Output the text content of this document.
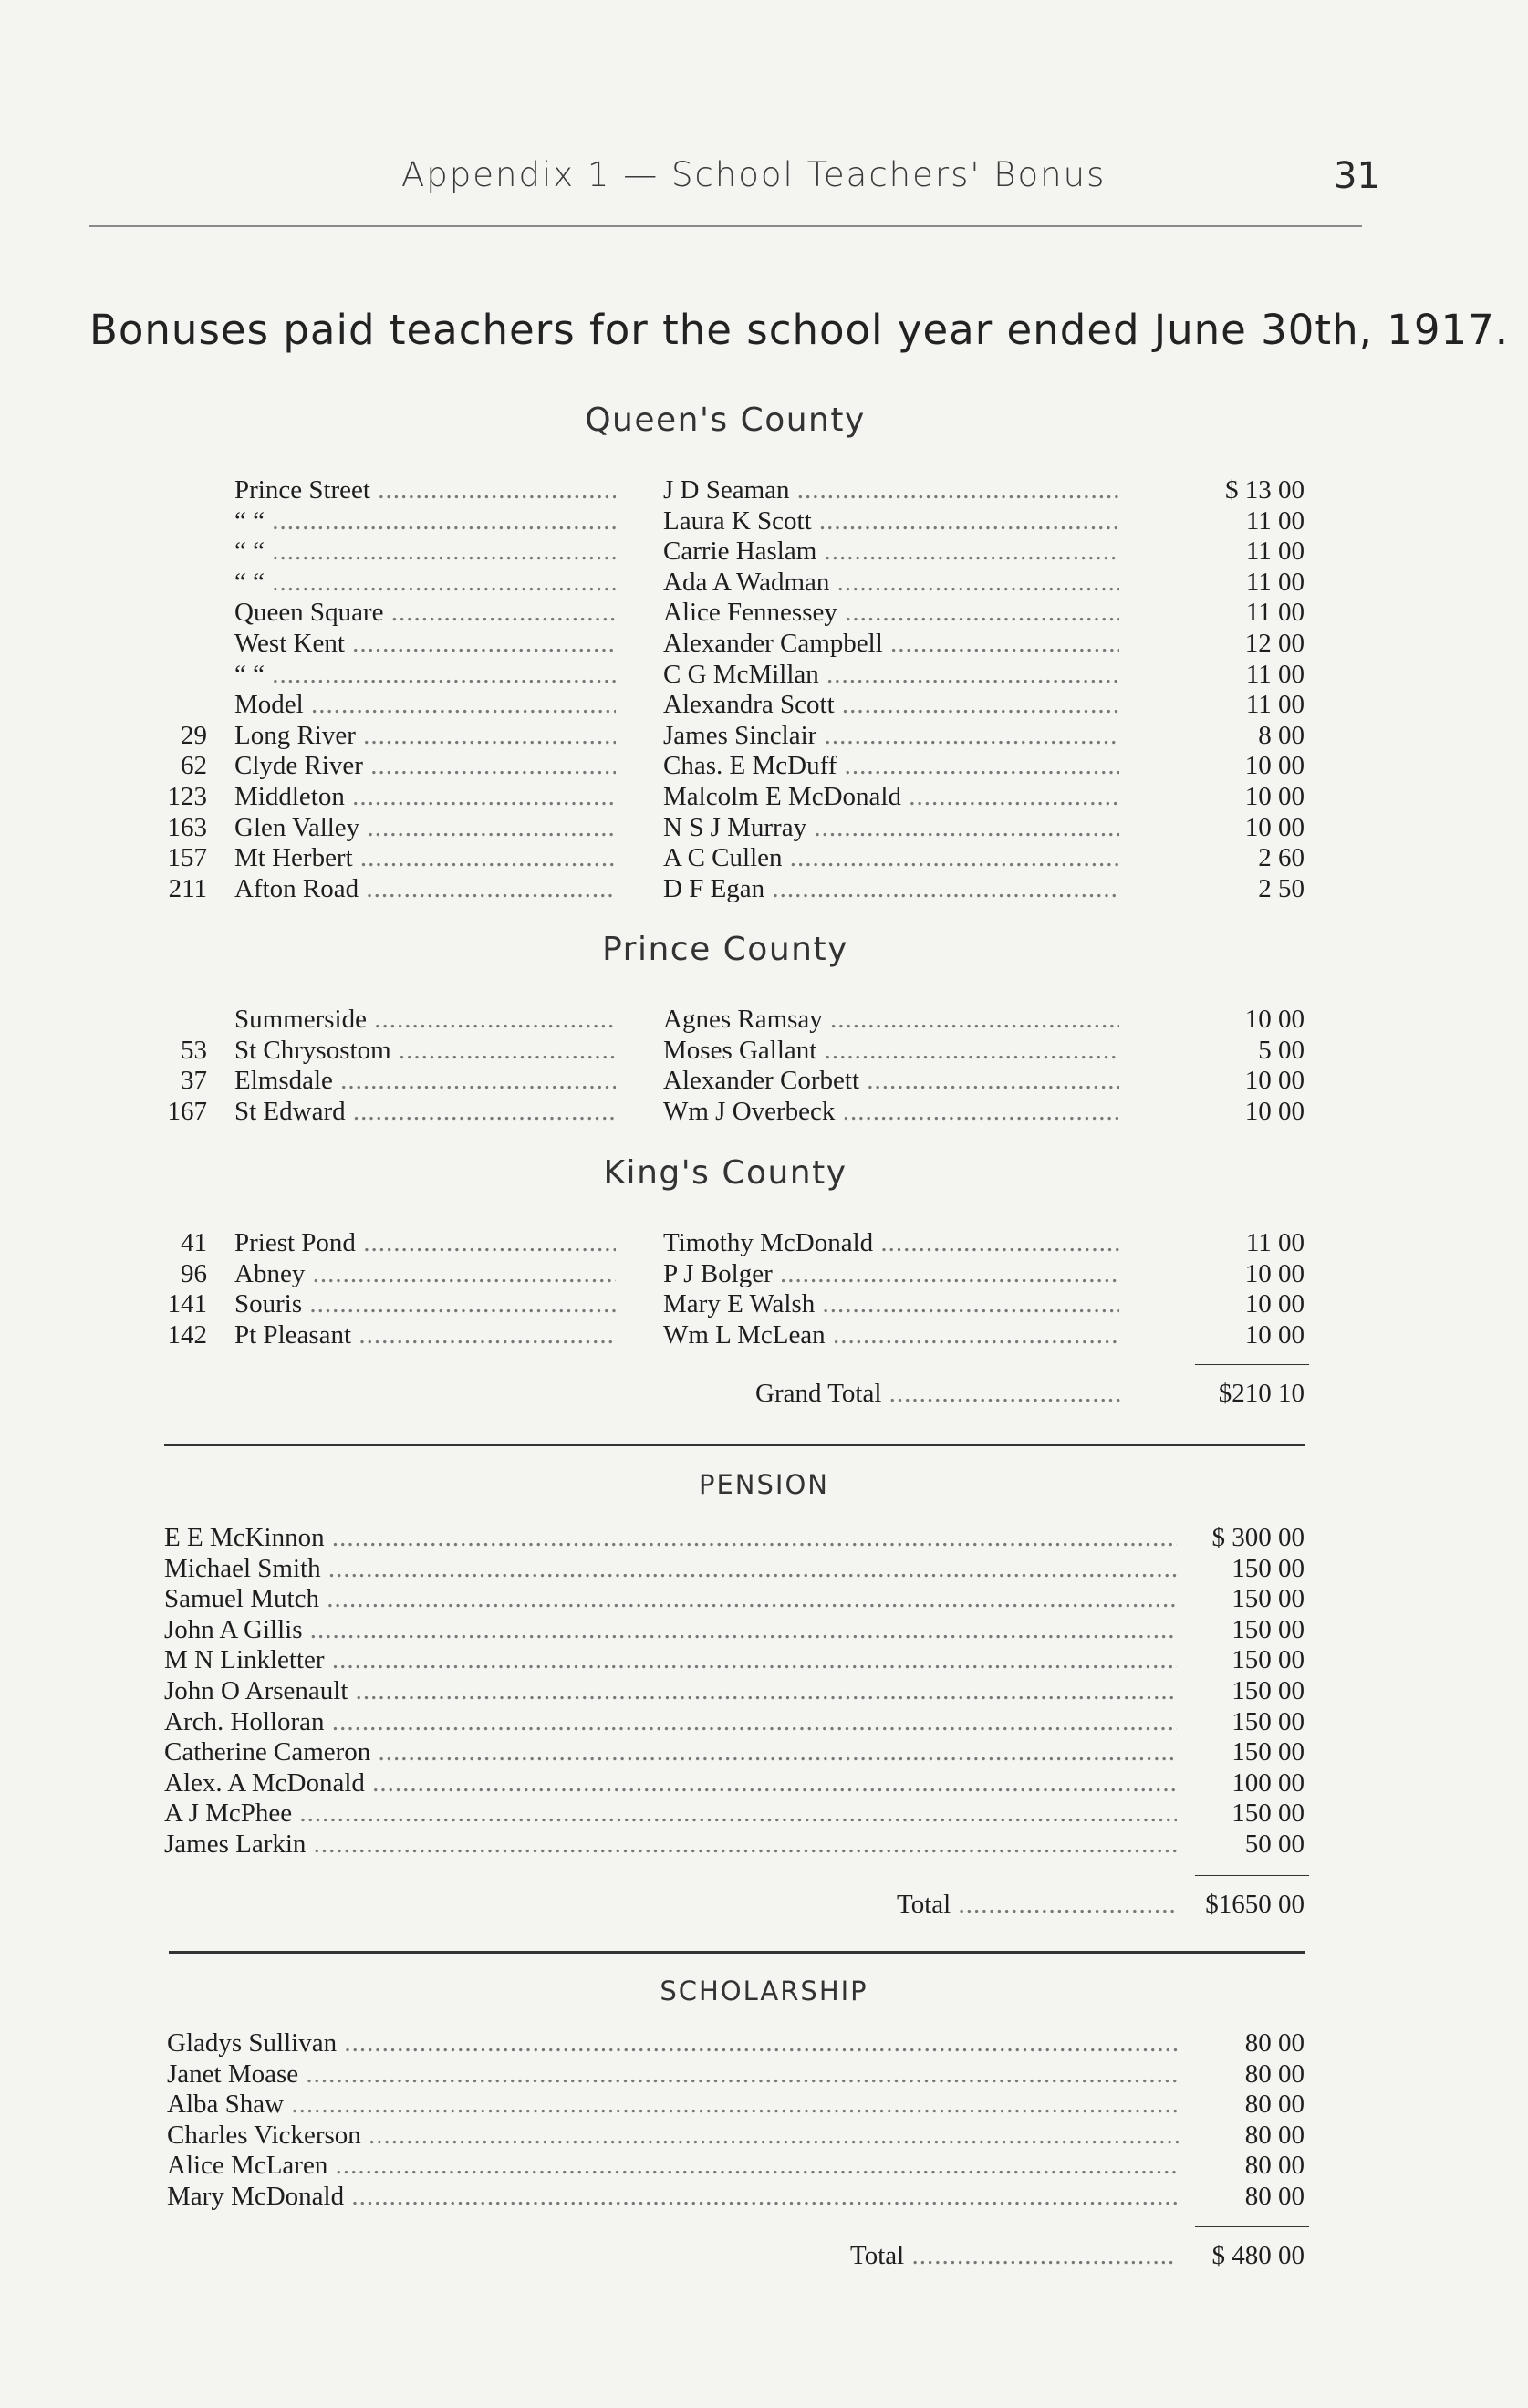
Appendix 1 — School Teachers' Bonus	31
Bonuses paid teachers for the school year ended June 30th, 1917.
Queen's County
Prince Street .....	J D Seaman .....	$ 13 00
“ “ .....	Laura K Scott .....	11 00
“ “ .....	Carrie Haslam .....	11 00
“ “ .....	Ada A Wadman .....	11 00
Queen Square .....	Alice Fennessey .....	11 00
West Kent .....	Alexander Campbell .....	12 00
“ “ .....	C G McMillan .....	11 00
Model .....	Alexandra Scott .....	11 00
29 Long River .....	James Sinclair .....	8 00
62 Clyde River .....	Chas. E McDuff .....	10 00
123 Middleton .....	Malcolm E McDonald .....	10 00
163 Glen Valley .....	N S J Murray .....	10 00
157 Mt Herbert .....	A C Cullen .....	2 60
211 Afton Road .....	D F Egan .....	2 50
Prince County
Summerside .....	Agnes Ramsay .....	10 00
53 St Chrysostom .....	Moses Gallant .....	5 00
37 Elmsdale .....	Alexander Corbett .....	10 00
167 St Edward .....	Wm J Overbeck .....	10 00
King's County
41 Priest Pond .....	Timothy McDonald .....	11 00
96 Abney .....	P J Bolger .....	10 00
141 Souris .....	Mary E Walsh .....	10 00
142 Pt Pleasant .....	Wm L McLean .....	10 00
Grand Total .....	$210 10
PENSION
E E McKinnon .....	$ 300 00
Michael Smith .....	150 00
Samuel Mutch .....	150 00
John A Gillis .....	150 00
M N Linkletter .....	150 00
John O Arsenault .....	150 00
Arch. Holloran .....	150 00
Catherine Cameron .....	150 00
Alex. A McDonald .....	100 00
A J McPhee .....	150 00
James Larkin .....	50 00
Total .....	$1650 00
SCHOLARSHIP
Gladys Sullivan .....	80 00
Janet Moase .....	80 00
Alba Shaw .....	80 00
Charles Vickerson .....	80 00
Alice McLaren .....	80 00
Mary McDonald .....	80 00
Total .....	$ 480 00
